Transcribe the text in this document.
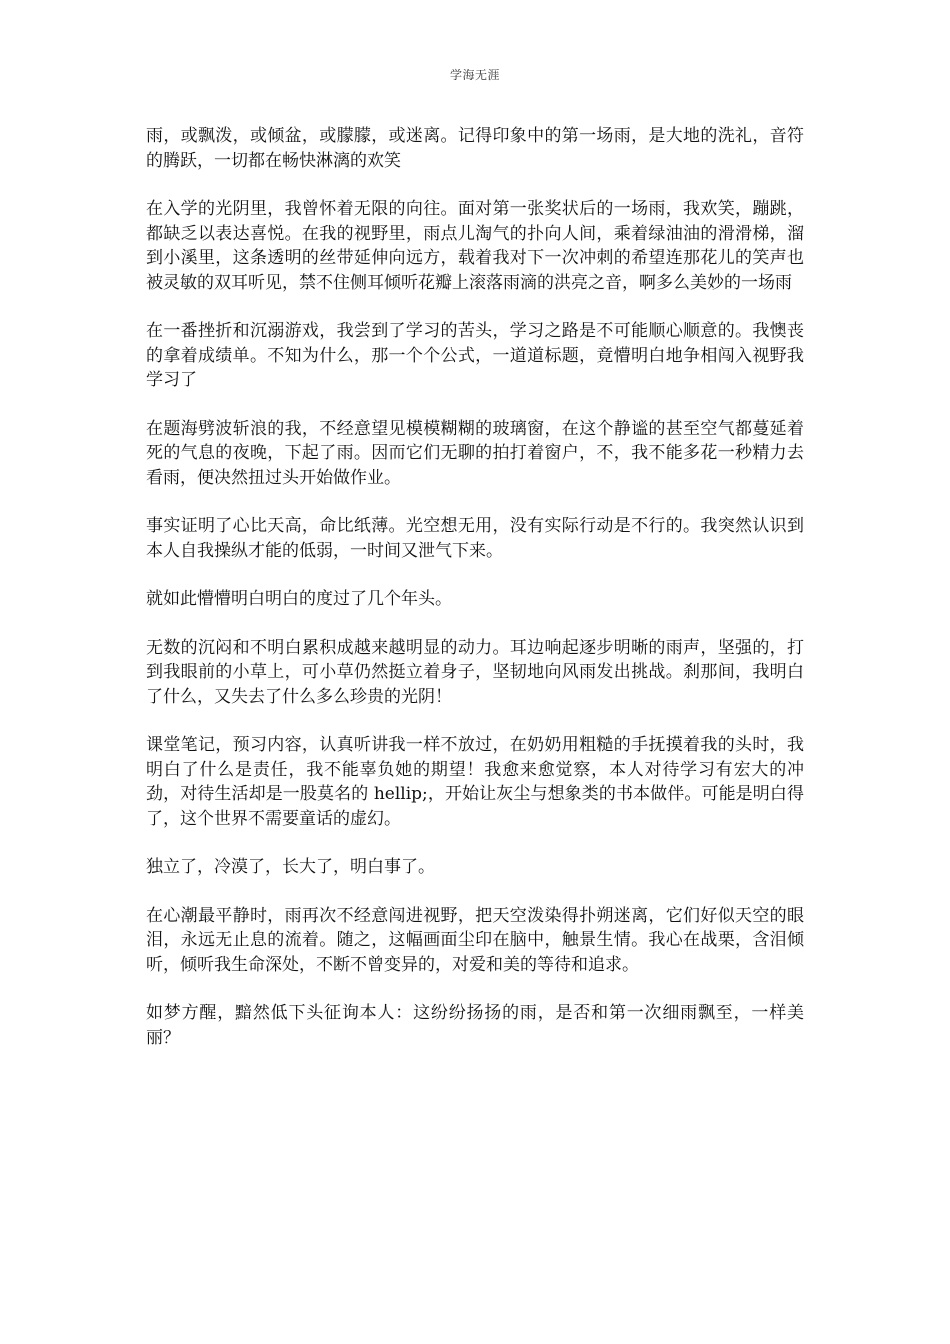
学海无涯

雨，或飘泼，或倾盆，或朦朦，或迷离。记得印象中的第一场雨，是大地的洗礼，音符的腾跃，一切都在畅快淋漓的欢笑

在入学的光阴里，我曾怀着无限的向往。面对第一张奖状后的一场雨，我欢笑，蹦跳，都缺乏以表达喜悦。在我的视野里，雨点儿淘气的扑向人间，乘着绿油油的滑滑梯，溜到小溪里，这条透明的丝带延伸向远方，载着我对下一次冲刺的希望连那花儿的笑声也被灵敏的双耳听见，禁不住侧耳倾听花瓣上滚落雨滴的洪亮之音，啊多么美妙的一场雨

在一番挫折和沉溺游戏，我尝到了学习的苦头，学习之路是不可能顺心顺意的。我懊丧的拿着成绩单。不知为什么，那一个个公式，一道道标题，竟懵明白地争相闯入视野我学习了

在题海劈波斩浪的我，不经意望见模模糊糊的玻璃窗，在这个静谧的甚至空气都蔓延着死的气息的夜晚，下起了雨。因而它们无聊的拍打着窗户，不，我不能多花一秒精力去看雨，便决然扭过头开始做作业。

事实证明了心比天高，命比纸薄。光空想无用，没有实际行动是不行的。我突然认识到本人自我操纵才能的低弱，一时间又泄气下来。

就如此懵懵明白明白的度过了几个年头。

无数的沉闷和不明白累积成越来越明显的动力。耳边响起逐步明晰的雨声，坚强的，打到我眼前的小草上，可小草仍然挺立着身子，坚韧地向风雨发出挑战。刹那间，我明白了什么，又失去了什么多么珍贵的光阴！

课堂笔记，预习内容，认真听讲我一样不放过，在奶奶用粗糙的手抚摸着我的头时，我明白了什么是责任，我不能辜负她的期望！我愈来愈觉察，本人对待学习有宏大的冲劲，对待生活却是一股莫名的 hellip;，开始让灰尘与想象类的书本做伴。可能是明白得了，这个世界不需要童话的虚幻。

独立了，冷漠了，长大了，明白事了。

在心潮最平静时，雨再次不经意闯进视野，把天空泼染得扑朔迷离，它们好似天空的眼泪，永远无止息的流着。随之，这幅画面尘印在脑中，触景生情。我心在战栗，含泪倾听，倾听我生命深处，不断不曾变异的，对爱和美的等待和追求。

如梦方醒，黯然低下头征询本人：这纷纷扬扬的雨，是否和第一次细雨飘至，一样美丽？
